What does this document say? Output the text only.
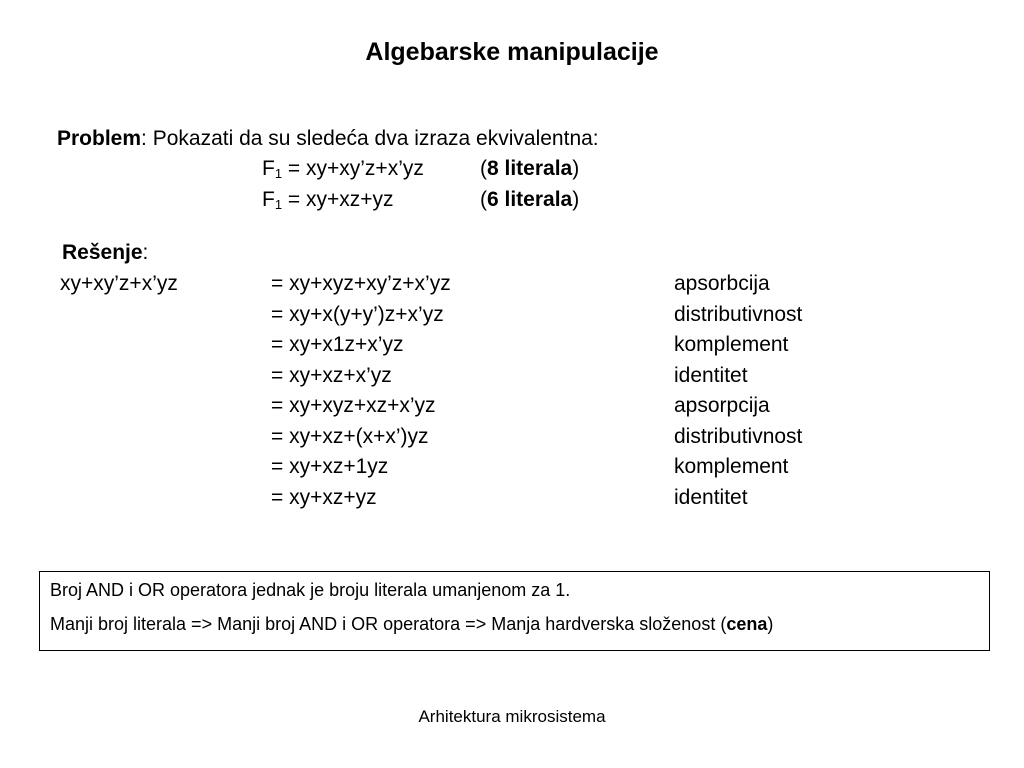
Algebarske manipulacije
Problem: Pokazati da su sledeća dva izraza ekvivalentna:
$F_1$ = xy+xy’z+x’yz	(8 literala)
$F_1 = xy+xz+yz$	(6 literala)
Rešenje:
xy+xy’z+x’yz	= xy+xyz+xy’z+x’yz	apsorbcija
= xy+x(y+y’)z+x’yz	distributivnost
= xy+x1z+x’yz	komplement
= xy+xz+x’yz	identitet
= xy+xyz+xz+x’yz	apsorpcija
= xy+xz+(x+x’)yz	distributivnost
= xy+xz+1yz	komplement
= xy+xz+yz	identitet
Broj AND i OR operatora jednak je broju literala umanjenom za 1.
Manji broj literala => Manji broj AND i OR operatora => Manja hardverska složenost (cena)
Arhitektura mikrosistema
